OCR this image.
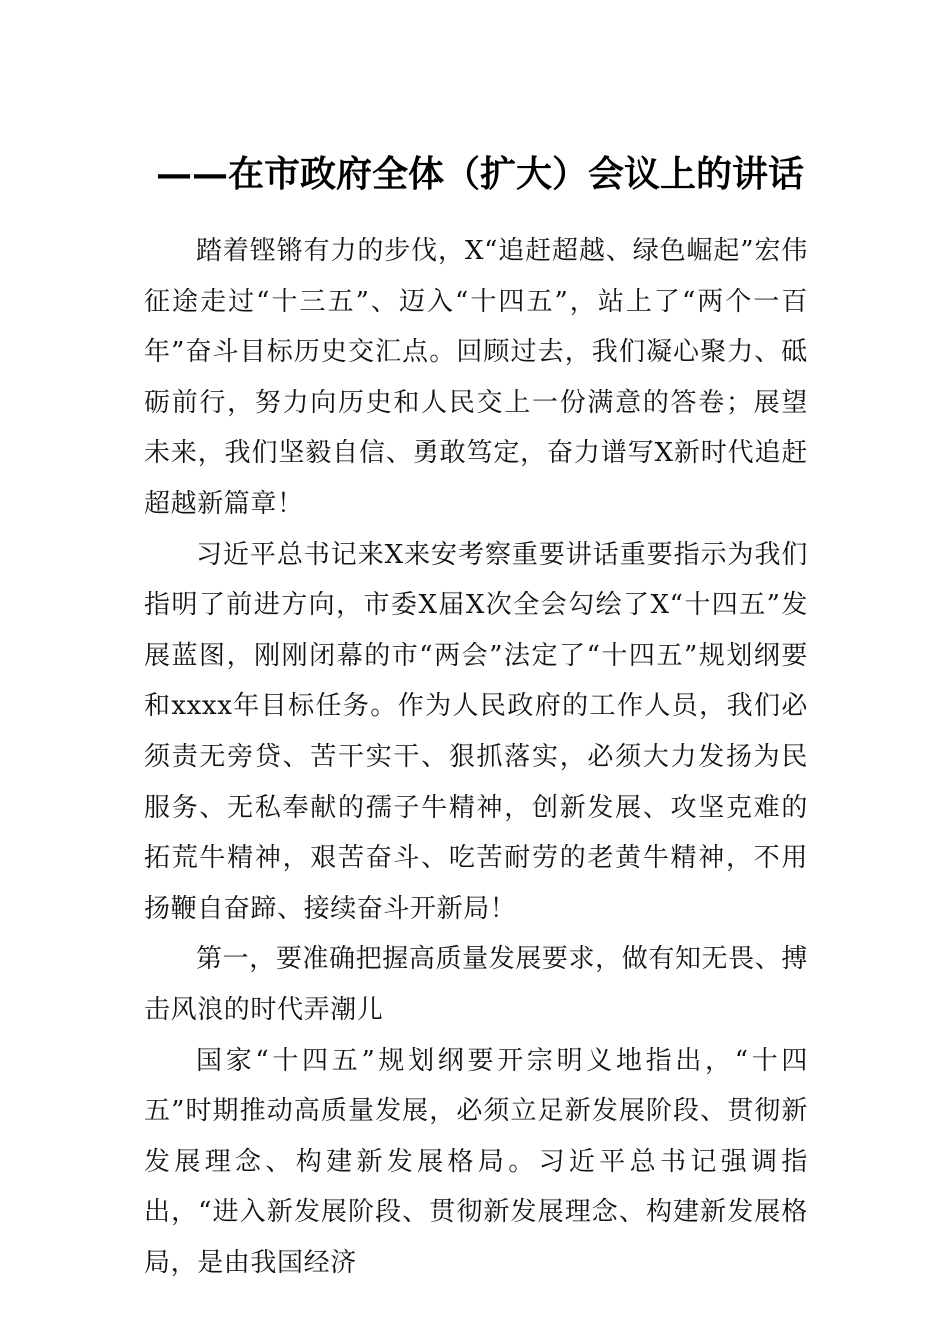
——在市政府全体（扩大）会议上的讲话

踏着铿锵有力的步伐，X“追赶超越、绿色崛起”宏伟征途走过“十三五”、迈入“十四五”，站上了“两个一百年”奋斗目标历史交汇点。回顾过去，我们凝心聚力、砥砺前行，努力向历史和人民交上一份满意的答卷；展望未来，我们坚毅自信、勇敢笃定，奋力谱写X新时代追赶超越新篇章！

习近平总书记来X来安考察重要讲话重要指示为我们指明了前进方向，市委X届X次全会勾绘了X“十四五”发展蓝图，刚刚闭幕的市“两会”法定了“十四五”规划纲要和xxxx年目标任务。作为人民政府的工作人员，我们必须责无旁贷、苦干实干、狠抓落实，必须大力发扬为民服务、无私奉献的孺子牛精神，创新发展、攻坚克难的拓荒牛精神，艰苦奋斗、吃苦耐劳的老黄牛精神，不用扬鞭自奋蹄、接续奋斗开新局！

第一，要准确把握高质量发展要求，做有知无畏、搏击风浪的时代弄潮儿

国家“十四五”规划纲要开宗明义地指出，“十四五”时期推动高质量发展，必须立足新发展阶段、贯彻新发展理念、构建新发展格局。习近平总书记强调指出，“进入新发展阶段、贯彻新发展理念、构建新发展格局，是由我国经济
